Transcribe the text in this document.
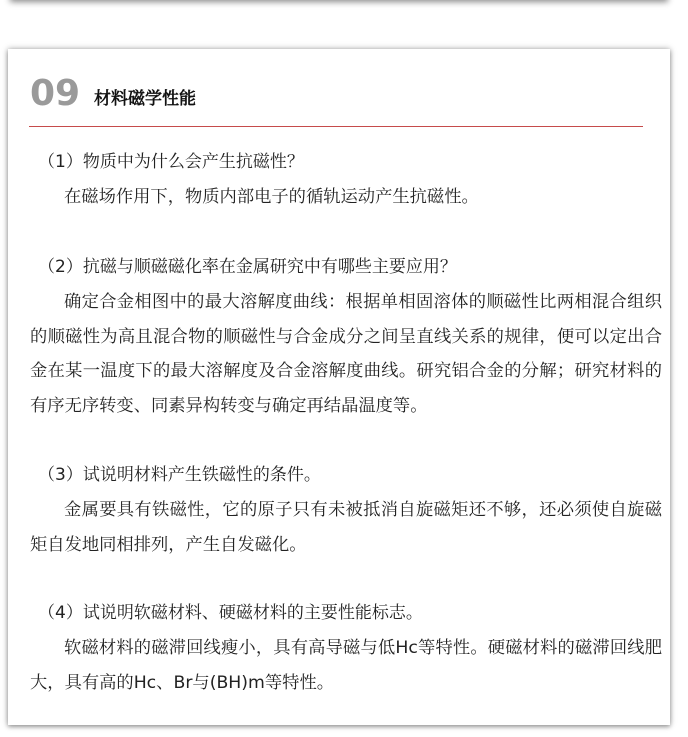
09 材料磁学性能
（1）物质中为什么会产生抗磁性？
在磁场作用下，物质内部电子的循轨运动产生抗磁性。
（2）抗磁与顺磁磁化率在金属研究中有哪些主要应用？
确定合金相图中的最大溶解度曲线：根据单相固溶体的顺磁性比两相混合组织的顺磁性为高且混合物的顺磁性与合金成分之间呈直线关系的规律，便可以定出合金在某一温度下的最大溶解度及合金溶解度曲线。研究铝合金的分解；研究材料的有序无序转变、同素异构转变与确定再结晶温度等。
（3）试说明材料产生铁磁性的条件。
金属要具有铁磁性，它的原子只有未被抵消自旋磁矩还不够，还必须使自旋磁矩自发地同相排列，产生自发磁化。
（4）试说明软磁材料、硬磁材料的主要性能标志。
软磁材料的磁滞回线瘦小，具有高导磁与低Hc等特性。硬磁材料的磁滞回线肥大，具有高的Hc、Br与(BH)m等特性。
